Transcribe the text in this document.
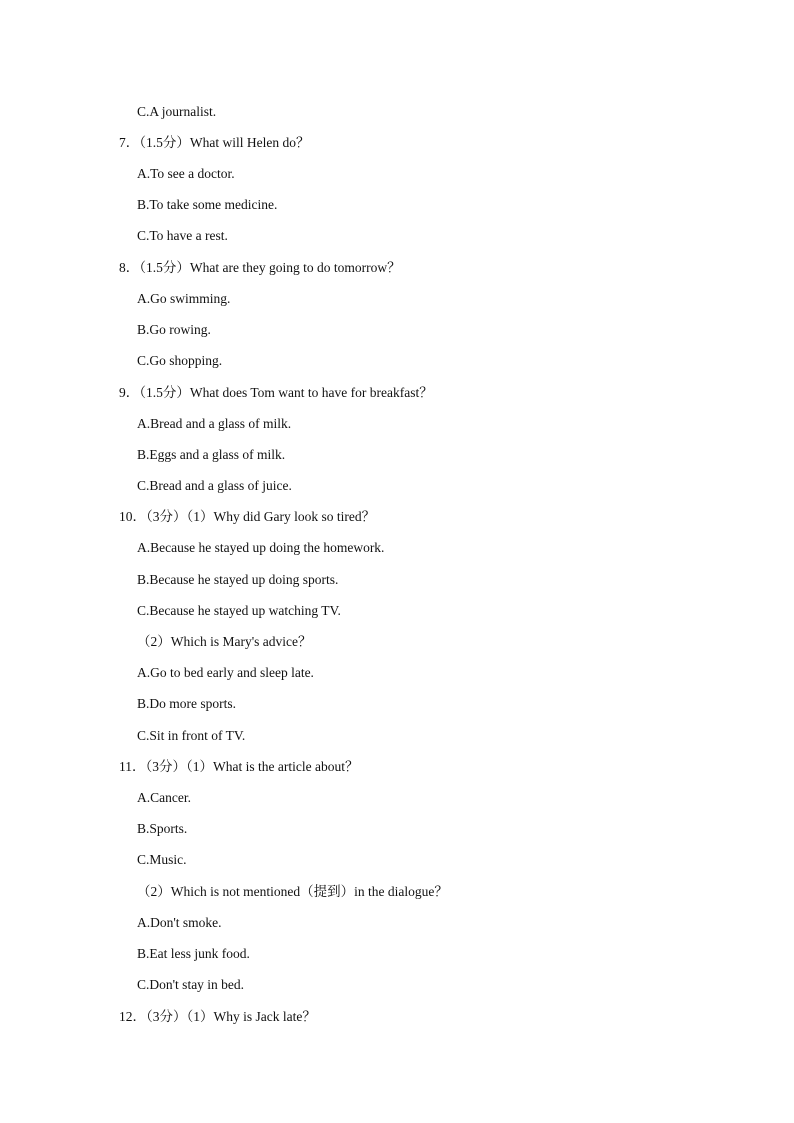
C.A journalist.
7．（1.5分）What will Helen do？
A.To see a doctor.
B.To take some medicine.
C.To have a rest.
8．（1.5分）What are they going to do tomorrow？
A.Go swimming.
B.Go rowing.
C.Go shopping.
9．（1.5分）What does Tom want to have for breakfast？
A.Bread and a glass of milk.
B.Eggs and a glass of milk.
C.Bread and a glass of juice.
10．（3分）（1）Why did Gary look so tired？
A.Because he stayed up doing the homework.
B.Because he stayed up doing sports.
C.Because he stayed up watching TV.
（2）Which is Mary's advice？
A.Go to bed early and sleep late.
B.Do more sports.
C.Sit in front of TV.
11．（3分）（1）What is the article about？
A.Cancer.
B.Sports.
C.Music.
（2）Which is not mentioned（提到）in the dialogue？
A.Don't smoke.
B.Eat less junk food.
C.Don't stay in bed.
12．（3分）（1）Why is Jack late？
